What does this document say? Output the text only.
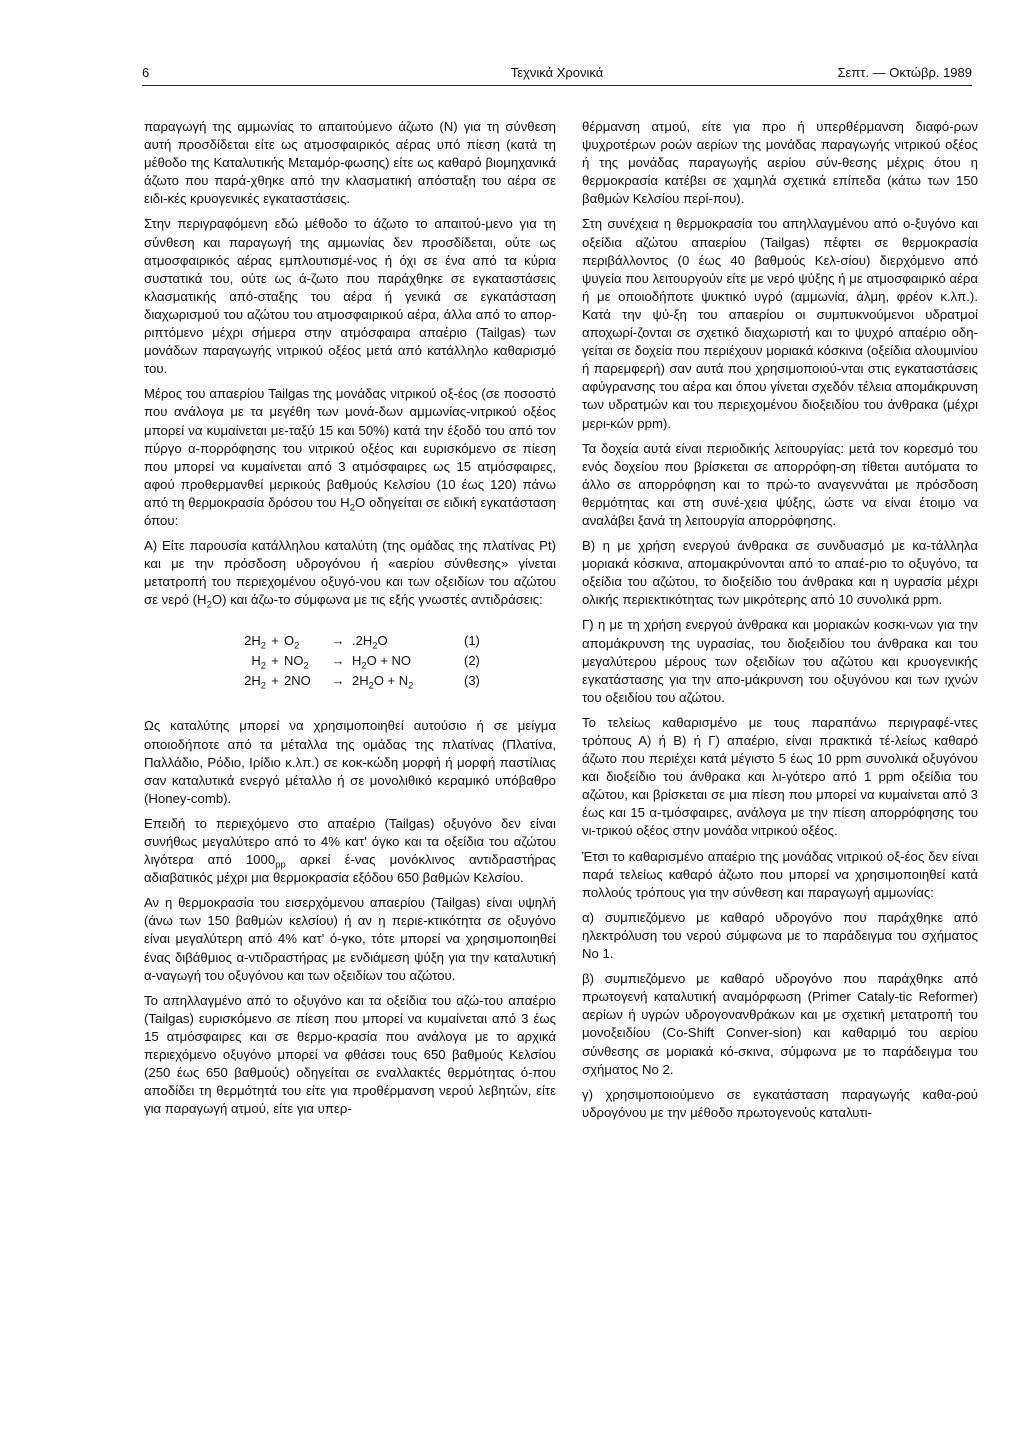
6	Τεχνικά Χρονικά	Σεπτ. — Οκτώβρ. 1989

παραγωγή της αμμωνίας το απαιτούμενο άζωτο (Ν) για τη σύνθεση αυτή προσδίδεται είτε ως ατμοσφαιρικός αέρας υπό πίεση (κατά τη μέθοδο της Καταλυτικής Μεταμόρ-φωσης) είτε ως καθαρό βιομηχανικά άζωτο που παρά-χθηκε από την κλασματική απόσταξη του αέρα σε ειδι-κές κρυογενικές εγκαταστάσεις.

Στην περιγραφόμενη εδώ μέθοδο το άζωτο το απαιτού-μενο για τη σύνθεση και παραγωγή της αμμωνίας δεν προσδίδεται, ούτε ως ατμοσφαιρικός αέρας εμπλουτισμέ-νος ή όχι σε ένα από τα κύρια συστατικά του, ούτε ως ά-ζωτο που παράχθηκε σε εγκαταστάσεις κλασματικής από-σταξης του αέρα ή γενικά σε εγκατάσταση διαχωρισμού του αζώτου του ατμοσφαιρικού αέρα, άλλα από το απορ-ριπτόμενο μέχρι σήμερα στην ατμόσφαιρα απαέριο (Tailgas) των μονάδων παραγωγής νιτρικού οξέος μετά από κατάλληλο καθαρισμό του.

Μέρος του απαερίου Tailgas της μονάδας νιτρικού οξ-έος (σε ποσοστό που ανάλογα με τα μεγέθη των μονά-δων αμμωνίας-νιτρικού οξέος μπορεί να κυμαίνεται με-ταξύ 15 και 50%) κατά την έξοδό του από τον πύργο α-πορρόφησης του νιτρικού οξέος και ευρισκόμενο σε πίεση που μπορεί να κυμαίνεται από 3 ατμόσφαιρες ως 15 ατμόσφαιρες, αφού προθερμανθεί μερικούς βαθμούς Κελσίου (10 έως 120) πάνω από τη θερμοκρασία δρόσου του $H_2O$ οδηγείται σε ειδική εγκατάσταση όπου:

Α) Είτε παρουσία κατάλληλου καταλύτη (της ομάδας της πλατίνας Pt) και με την πρόσδοση υδρογόνου ή «αερίου σύνθεσης» γίνεται μετατροπή του περιεχομένου οξυγό-νου και των οξειδίων του αζώτου σε νερό $(H_2O)$ και άζω-το σύμφωνα με τις εξής γνωστές αντιδράσεις:

$2H_2 + O_2$	→ $.2H_2O$	(1)
$H_2 + NO_2$	→ $H_2O$ + NO	(2)
$2H_2 + 2NO$	→ $2H_2O + N_2$	(3)

Ως καταλύτης μπορεί να χρησιμοποιηθεί αυτούσιο ή σε μείγμα οποιοδήποτε από τα μέταλλα της ομάδας της πλατίνας (Πλατίνα, Παλλάδιο, Ρόδιο, Ιρίδιο κ.λπ.) σε κοκ-κώδη μορφή ή μορφή παστίλιας σαν καταλυτικά ενεργό μέταλλο ή σε μονολιθικό κεραμικό υπόβαθρο (Honey-comb).

Επειδή το περιεχόμενο στο απαέριο (Tailgas) οξυγόνο δεν είναι συνήθως μεγαλύτερο από το 4% κατ' όγκο και τα οξείδια του αζώτου λιγότερα από $1000_{pp}$ αρκεί έ-νας μονόκλινος αντιδραστήρας αδιαβατικός μέχρι μια θερμοκρασία εξόδου 650 βαθμών Κελσίου.

Αν η θερμοκρασία του εισερχόμενου απαερίου (Tailgas) είναι υψηλή (άνω των 150 βαθμών κελσίου) ή αν η περιε-κτικότητα σε οξυγόνο είναι μεγαλύτερη από 4% κατ' ό-γκο, τότε μπορεί να χρησιμοποιηθεί ένας διβάθμιος α-ντιδραστήρας με ενδιάμεση ψύξη για την καταλυτική α-ναγωγή του οξυγόνου και των οξειδίων του αζώτου.

Το απηλλαγμένο από το οξυγόνο και τα οξείδια του αζώ-του απαέριο (Tailgas) ευρισκόμενο σε πίεση που μπορεί να κυμαίνεται από 3 έως 15 ατμόσφαιρες και σε θερμο-κρασία που ανάλογα με το αρχικά περιεχόμενο οξυγόνο μπορεί να φθάσει τους 650 βαθμούς Κελσίου (250 έως 650 βαθμούς) οδηγείται σε εναλλακτές θερμότητας ό-που αποδίδει τη θερμότητά του είτε για προθέρμανση νερού λεβητών, είτε για παραγωγή ατμού, είτε για υπερ-

θέρμανση ατμού, είτε για προ ή υπερθέρμανση διαφό-ρων ψυχροτέρων ροών αερίων της μονάδας παραγωγής νιτρικού οξέος ή της μονάδας παραγωγής αερίου σύν-θεσης μέχρις ότου η θερμοκρασία κατέβει σε χαμηλά σχετικά επίπεδα (κάτω των 150 βαθμών Κελσίου περί-που).

Στη συνέχεια η θερμοκρασία του απηλλαγμένου από ο-ξυγόνο και οξείδια αζώτου απαερίου (Tailgas) πέφτει σε θερμοκρασία περιβάλλοντος (0 έως 40 βαθμούς Κελ-σίου) διερχόμενο από ψυγεία που λειτουργούν είτε με νερό ψύξης ή με ατμοσφαιρικό αέρα ή με οποιοδήποτε ψυκτικό υγρό (αμμωνία, άλμη, φρέον κ.λπ.). Κατά την ψύ-ξη του απαερίου οι συμπυκνούμενοι υδρατμοί αποχωρί-ζονται σε σχετικό διαχωριστή και το ψυχρό απαέριο οδη-γείται σε δοχεία που περιέχουν μοριακά κόσκινα (οξείδια αλουμινίου ή παρεμφερή) σαν αυτά που χρησιμοποιού-νται στις εγκαταστάσεις αφύγρανσης του αέρα και όπου γίνεται σχεδόν τέλεια απομάκρυνση των υδρατμών και του περιεχομένου διοξειδίου του άνθρακα (μέχρι μερι-κών ppm).

Τα δοχεία αυτά είναι περιοδικής λειτουργίας: μετά τον κορεσμό του ενός δοχείου που βρίσκεται σε απορρόφη-ση τίθεται αυτόματα το άλλο σε απορρόφηση και το πρώ-το αναγεννάται με πρόσδοση θερμότητας και στη συνέ-χεια ψύξης, ώστε να είναι έτοιμο να αναλάβει ξανά τη λειτουργία απορρόφησης.

Β) η με χρήση ενεργού άνθρακα σε συνδυασμό με κα-τάλληλα μοριακά κόσκινα, απομακρύνονται από το απαέ-ριο το οξυγόνο, τα οξείδια του αζώτου, το διοξείδιο του άνθρακα και η υγρασία μέχρι ολικής περιεκτικότητας των μικρότερης από 10 συνολικά ppm.

Γ) η με τη χρήση ενεργού άνθρακα και μοριακών κοσκι-νων για την απομάκρυνση της υγρασίας, του διοξειδίου του άνθρακα και του μεγαλύτερου μέρους των οξειδίων του αζώτου και κρυογενικής εγκατάστασης για την απο-μάκρυνση του οξυγόνου και των ιχνών του οξειδίου του αζώτου.

Το τελείως καθαρισμένο με τους παραπάνω περιγραφέ-ντες τρόπους Α) ή Β) ή Γ) απαέριο, είναι πρακτικά τέ-λείως καθαρό άζωτο που περιέχει κατά μέγιστο 5 έως 10 ppm συνολικά οξυγόνου και διοξείδιο του άνθρακα και λι-γότερο από 1 ppm οξείδια του αζώτου, και βρίσκεται σε μια πίεση που μπορεί να κυμαίνεται από 3 έως και 15 α-τμόσφαιρες, ανάλογα με την πίεση απορρόφησης του νι-τρικού οξέος στην μονάδα νιτρικού οξέος.

Έτσι το καθαρισμένο απαέριο της μονάδας νιτρικού οξ-έος δεν είναι παρά τελείως καθαρό άζωτο που μπορεί να χρησιμοποιηθεί κατά πολλούς τρόπους για την σύνθεση και παραγωγή αμμωνίας:

α) συμπιεζόμενο με καθαρό υδρογόνο που παράχθηκε από ηλεκτρόλυση του νερού σύμφωνα με το παράδειγμα του σχήματος Νο 1.

β) συμπιεζόμενο με καθαρό υδρογόνο που παράχθηκε από πρωτογενή καταλυτική αναμόρφωση (Primer Cataly-tic Reformer) αερίων ή υγρών υδρογονανθράκων και με σχετική μετατροπή του μονοξειδίου (Co-Shift Conver-sion) και καθαριμό του αερίου σύνθεσης σε μοριακά κό-σκινα, σύμφωνα με το παράδειγμα του σχήματος Νο 2.

γ) χρησιμοποιούμενο σε εγκατάσταση παραγωγής καθα-ρού υδρογόνου με την μέθοδο πρωτογενούς καταλυτι-
